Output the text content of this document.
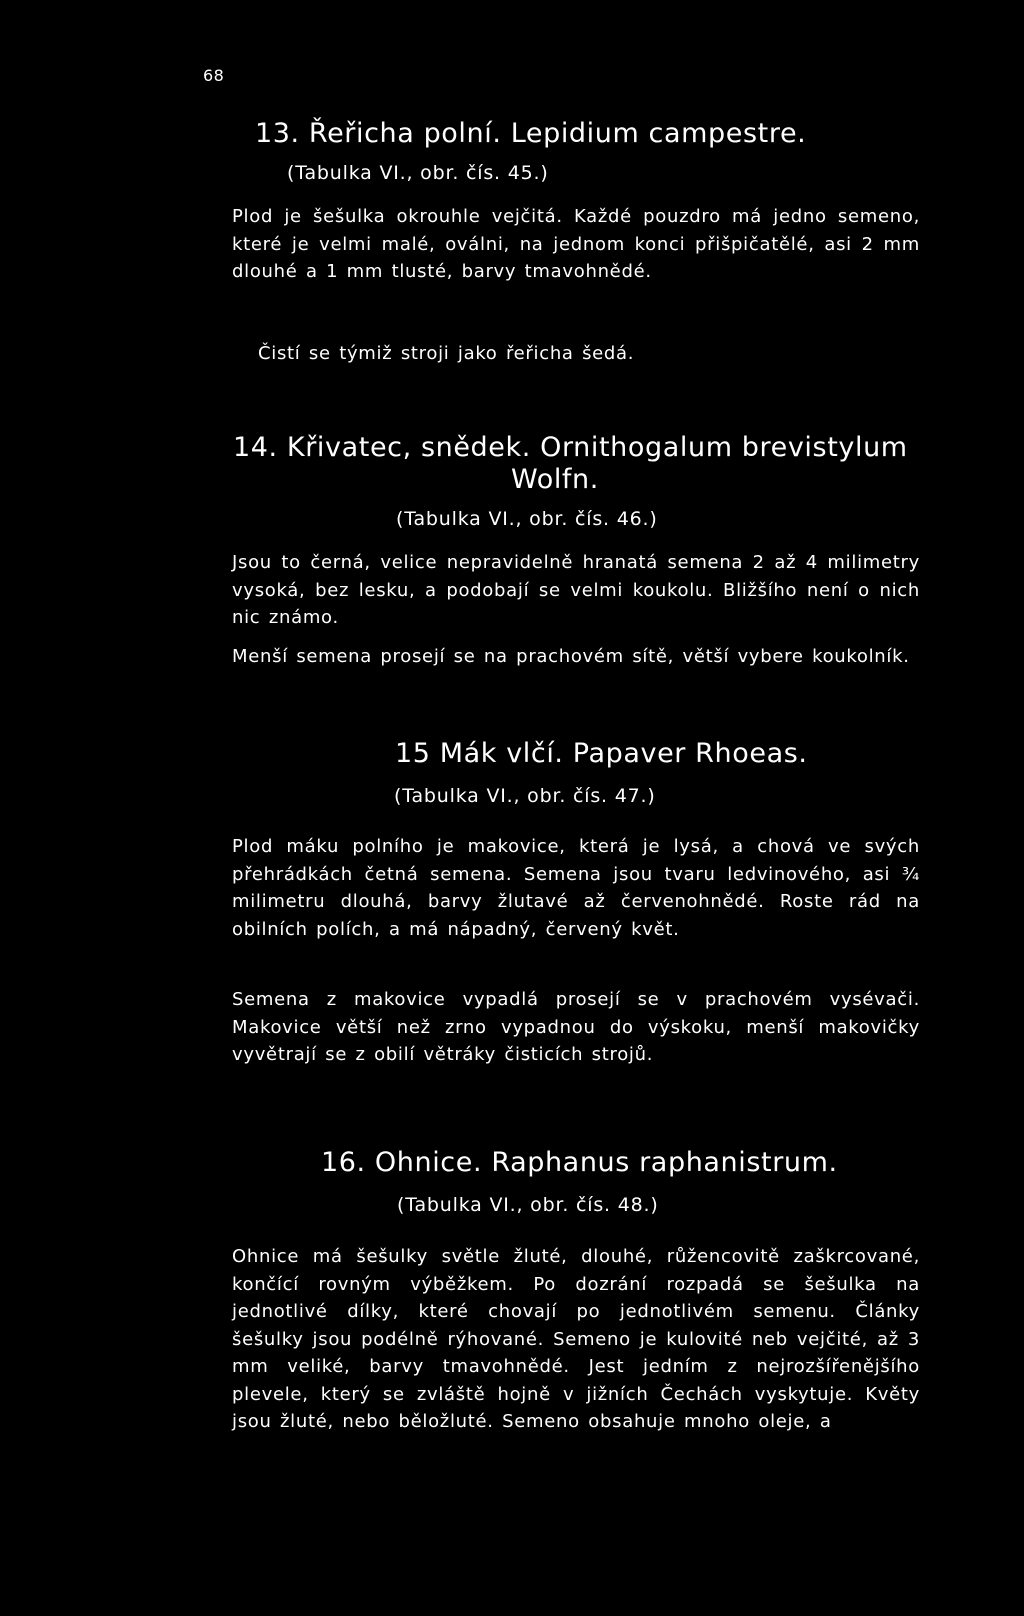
68

13. Řeřicha polní. Lepidium campestre.

(Tabulka VI., obr. čís. 45.)

Plod je šešulka okrouhle vejčitá. Každé pouzdro má jedno semeno, které je velmi malé, oválni, na jednom konci přišpičatělé, asi 2 mm dlouhé a 1 mm tlusté, barvy tmavohnědé.

Čistí se týmiž stroji jako řeřicha šedá.

14. Křivatec, snědek. Ornithogalum brevistylum
Wolfn.

(Tabulka VI., obr. čís. 46.)

Jsou to černá, velice nepravidelně hranatá semena 2 až 4 milimetry vysoká, bez lesku, a podobají se velmi koukolu. Bližšího není o nich nic známo.

Menší semena prosejí se na prachovém sítě, větší vybere koukolník.

15 Mák vlčí. Papaver Rhoeas.

(Tabulka VI., obr. čís. 47.)

Plod máku polního je makovice, která je lysá, a chová ve svých přehrádkách četná semena. Semena jsou tvaru ledvinového, asi ¾ milimetru dlouhá, barvy žlutavé až červenohnědé. Roste rád na obilních polích, a má nápadný, červený květ.

Semena z makovice vypadlá prosejí se v prachovém vysévači. Makovice větší než zrno vypadnou do výskoku, menší makovičky vyvětrají se z obilí větráky čisticích strojů.

16. Ohnice. Raphanus raphanistrum.

(Tabulka VI., obr. čís. 48.)

Ohnice má šešulky světle žluté, dlouhé, růžencovitě zaškrcované, končící rovným výběžkem. Po dozrání rozpadá se šešulka na jednotlivé dílky, které chovají po jednotlivém semenu. Články šešulky jsou podélně rýhované. Semeno je kulovité neb vejčité, až 3 mm veliké, barvy tmavohnědé. Jest jedním z nejrozšířenějšího plevele, který se zvláště hojně v jižních Čechách vyskytuje. Květy jsou žluté, nebo běložluté. Semeno obsahuje mnoho oleje, a
